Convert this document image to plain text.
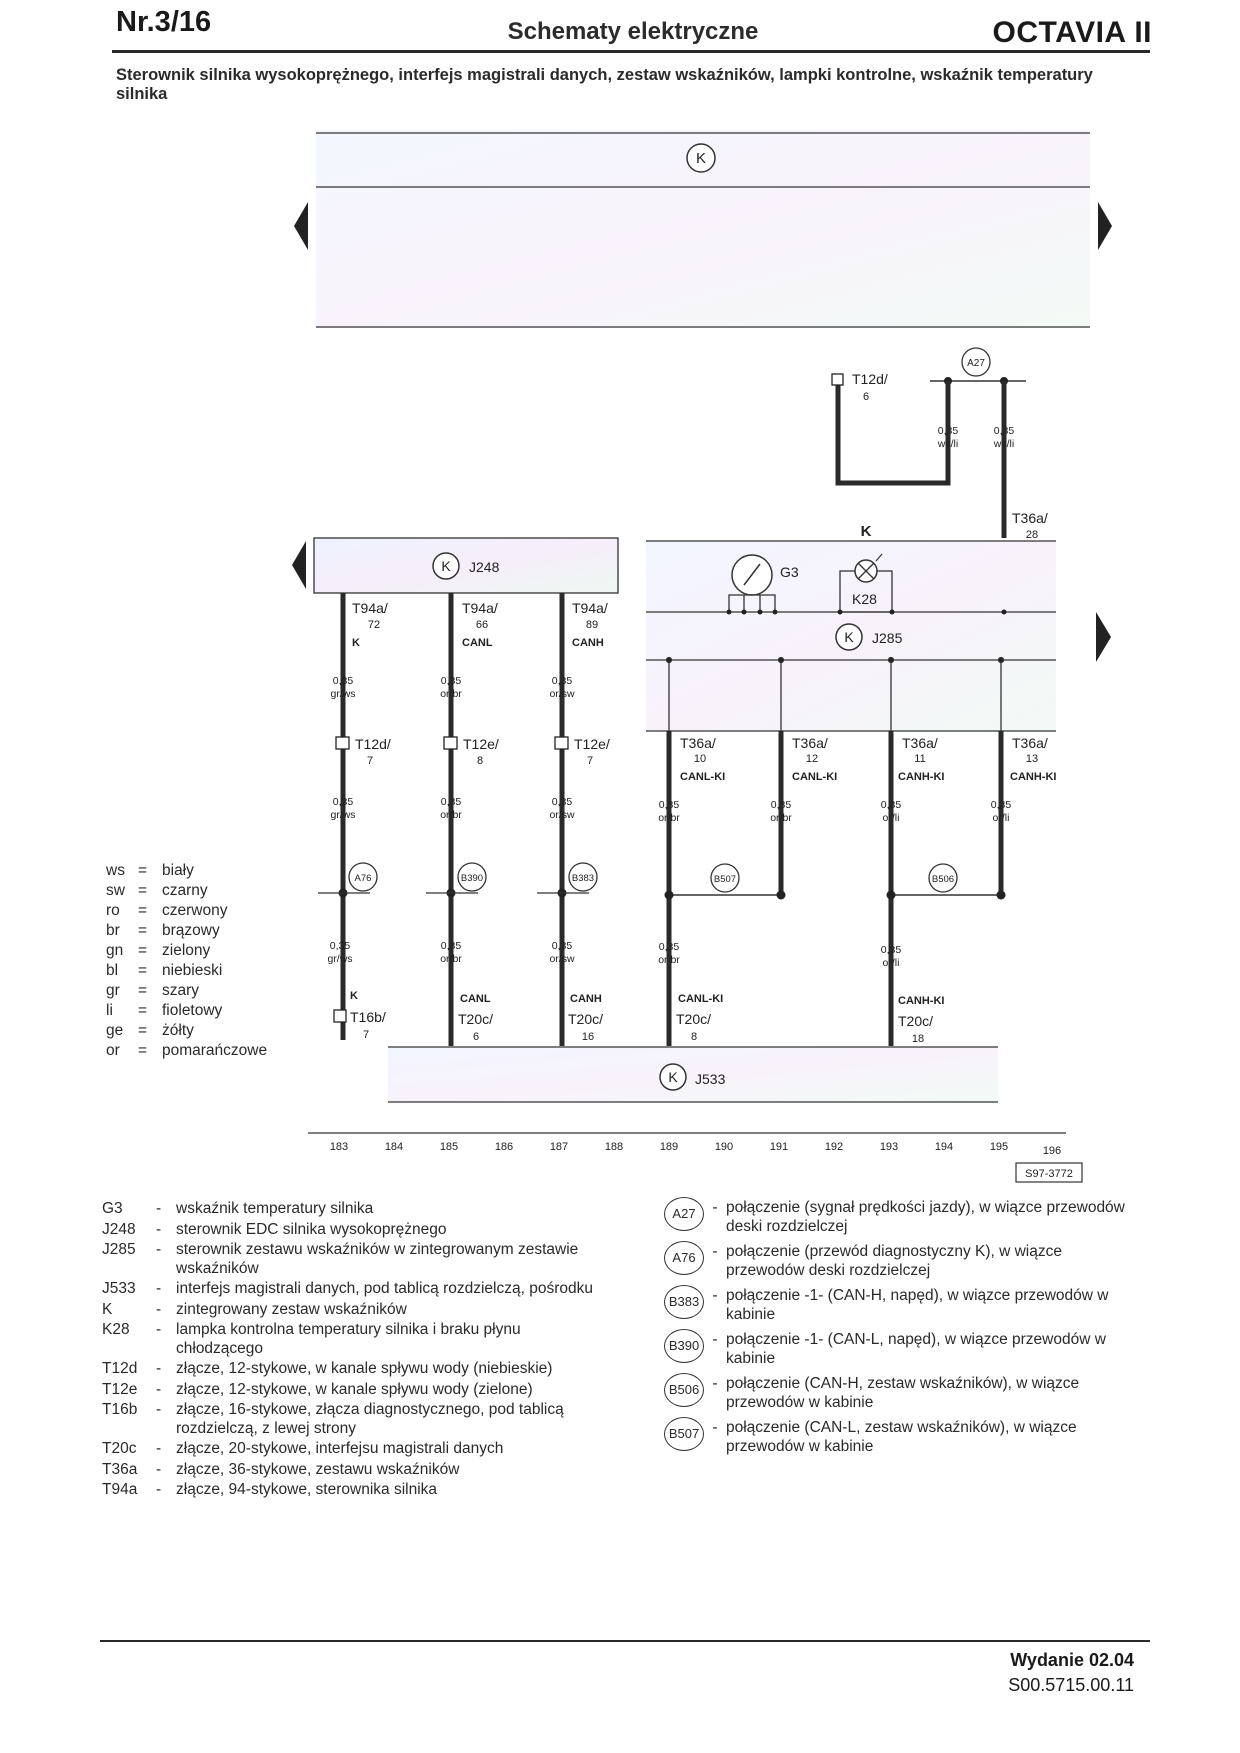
Nr.3/16	Schematy elektryczne	OCTAVIA II
Sterownik silnika wysokoprężnego, interfejs magistrali danych, zestaw wskaźników, lampki kontrolne, wskaźnik temperatury silnika
K
A27
T12d/
6
0,35
ws/li
0,35
ws/li
T36a/
28
K J248
K
G3
K28
K J285
T94a/
72
K
0,35
gr/ws
T12d/
7
0,35
gr/ws
A76
0,35
gr/ws
K
T16b/
7
T94a/
66
CANL
0,35
or/br
T12e/
8
0,35
or/br
B390
0,35
or/br
CANL
T20c/
6
T94a/
89
CANH
0,35
or/sw
T12e/
7
0,35
or/sw
B383
0,35
or/sw
CANH
T20c/
16
T36a/
10
CANL-KI
0,35
or/br
T36a/
12
CANL-KI
0,35
or/br
T36a/
11
CANH-KI
0,35
or/li
T36a/
13
CANH-KI
0,35
or/li
B507	B506
0,35
or/br
CANL-KI
T20c/
8
0,35
or/li
CANH-KI
T20c/
18
K J533
183	184	185	186	187	188	189	190	191	192	193	194	195	196
S97-3772
ws = biały
sw = czarny
ro	= czerwony
br	= brązowy
gn = zielony
bl	= niebieski
gr	= szary
li	= fioletowy
ge = żółty
or	= pomarańczowe
G3	- wskaźnik temperatury silnika
J248	- sterownik EDC silnika wysokoprężnego
J285	- sterownik zestawu wskaźników w zintegrowanym zestawie wskaźników
J533	- interfejs magistrali danych, pod tablicą rozdzielczą, pośrodku
K	- zintegrowany zestaw wskaźników
K28	- lampka kontrolna temperatury silnika i braku płynu chłodzącego
T12d	- złącze, 12-stykowe, w kanale spływu wody (niebieskie)
T12e	- złącze, 12-stykowe, w kanale spływu wody (zielone)
T16b	- złącze, 16-stykowe, złącza diagnostycznego, pod tablicą rozdzielczą, z lewej strony
T20c	- złącze, 20-stykowe, interfejsu magistrali danych
T36a	- złącze, 36-stykowe, zestawu wskaźników
T94a	- złącze, 94-stykowe, sterownika silnika
A27	- połączenie (sygnał prędkości jazdy), w wiązce przewodów deski rozdzielczej
A76	- połączenie (przewód diagnostyczny K), w wiązce przewodów deski rozdzielczej
B383 - połączenie -1- (CAN-H, napęd), w wiązce przewodów w kabinie
B390 - połączenie -1- (CAN-L, napęd), w wiązce przewodów w kabinie
B506 - połączenie (CAN-H, zestaw wskaźników), w wiązce przewodów w kabinie
B507 - połączenie (CAN-L, zestaw wskaźników), w wiązce przewodów w kabinie
Wydanie 02.04
S00.5715.00.11
